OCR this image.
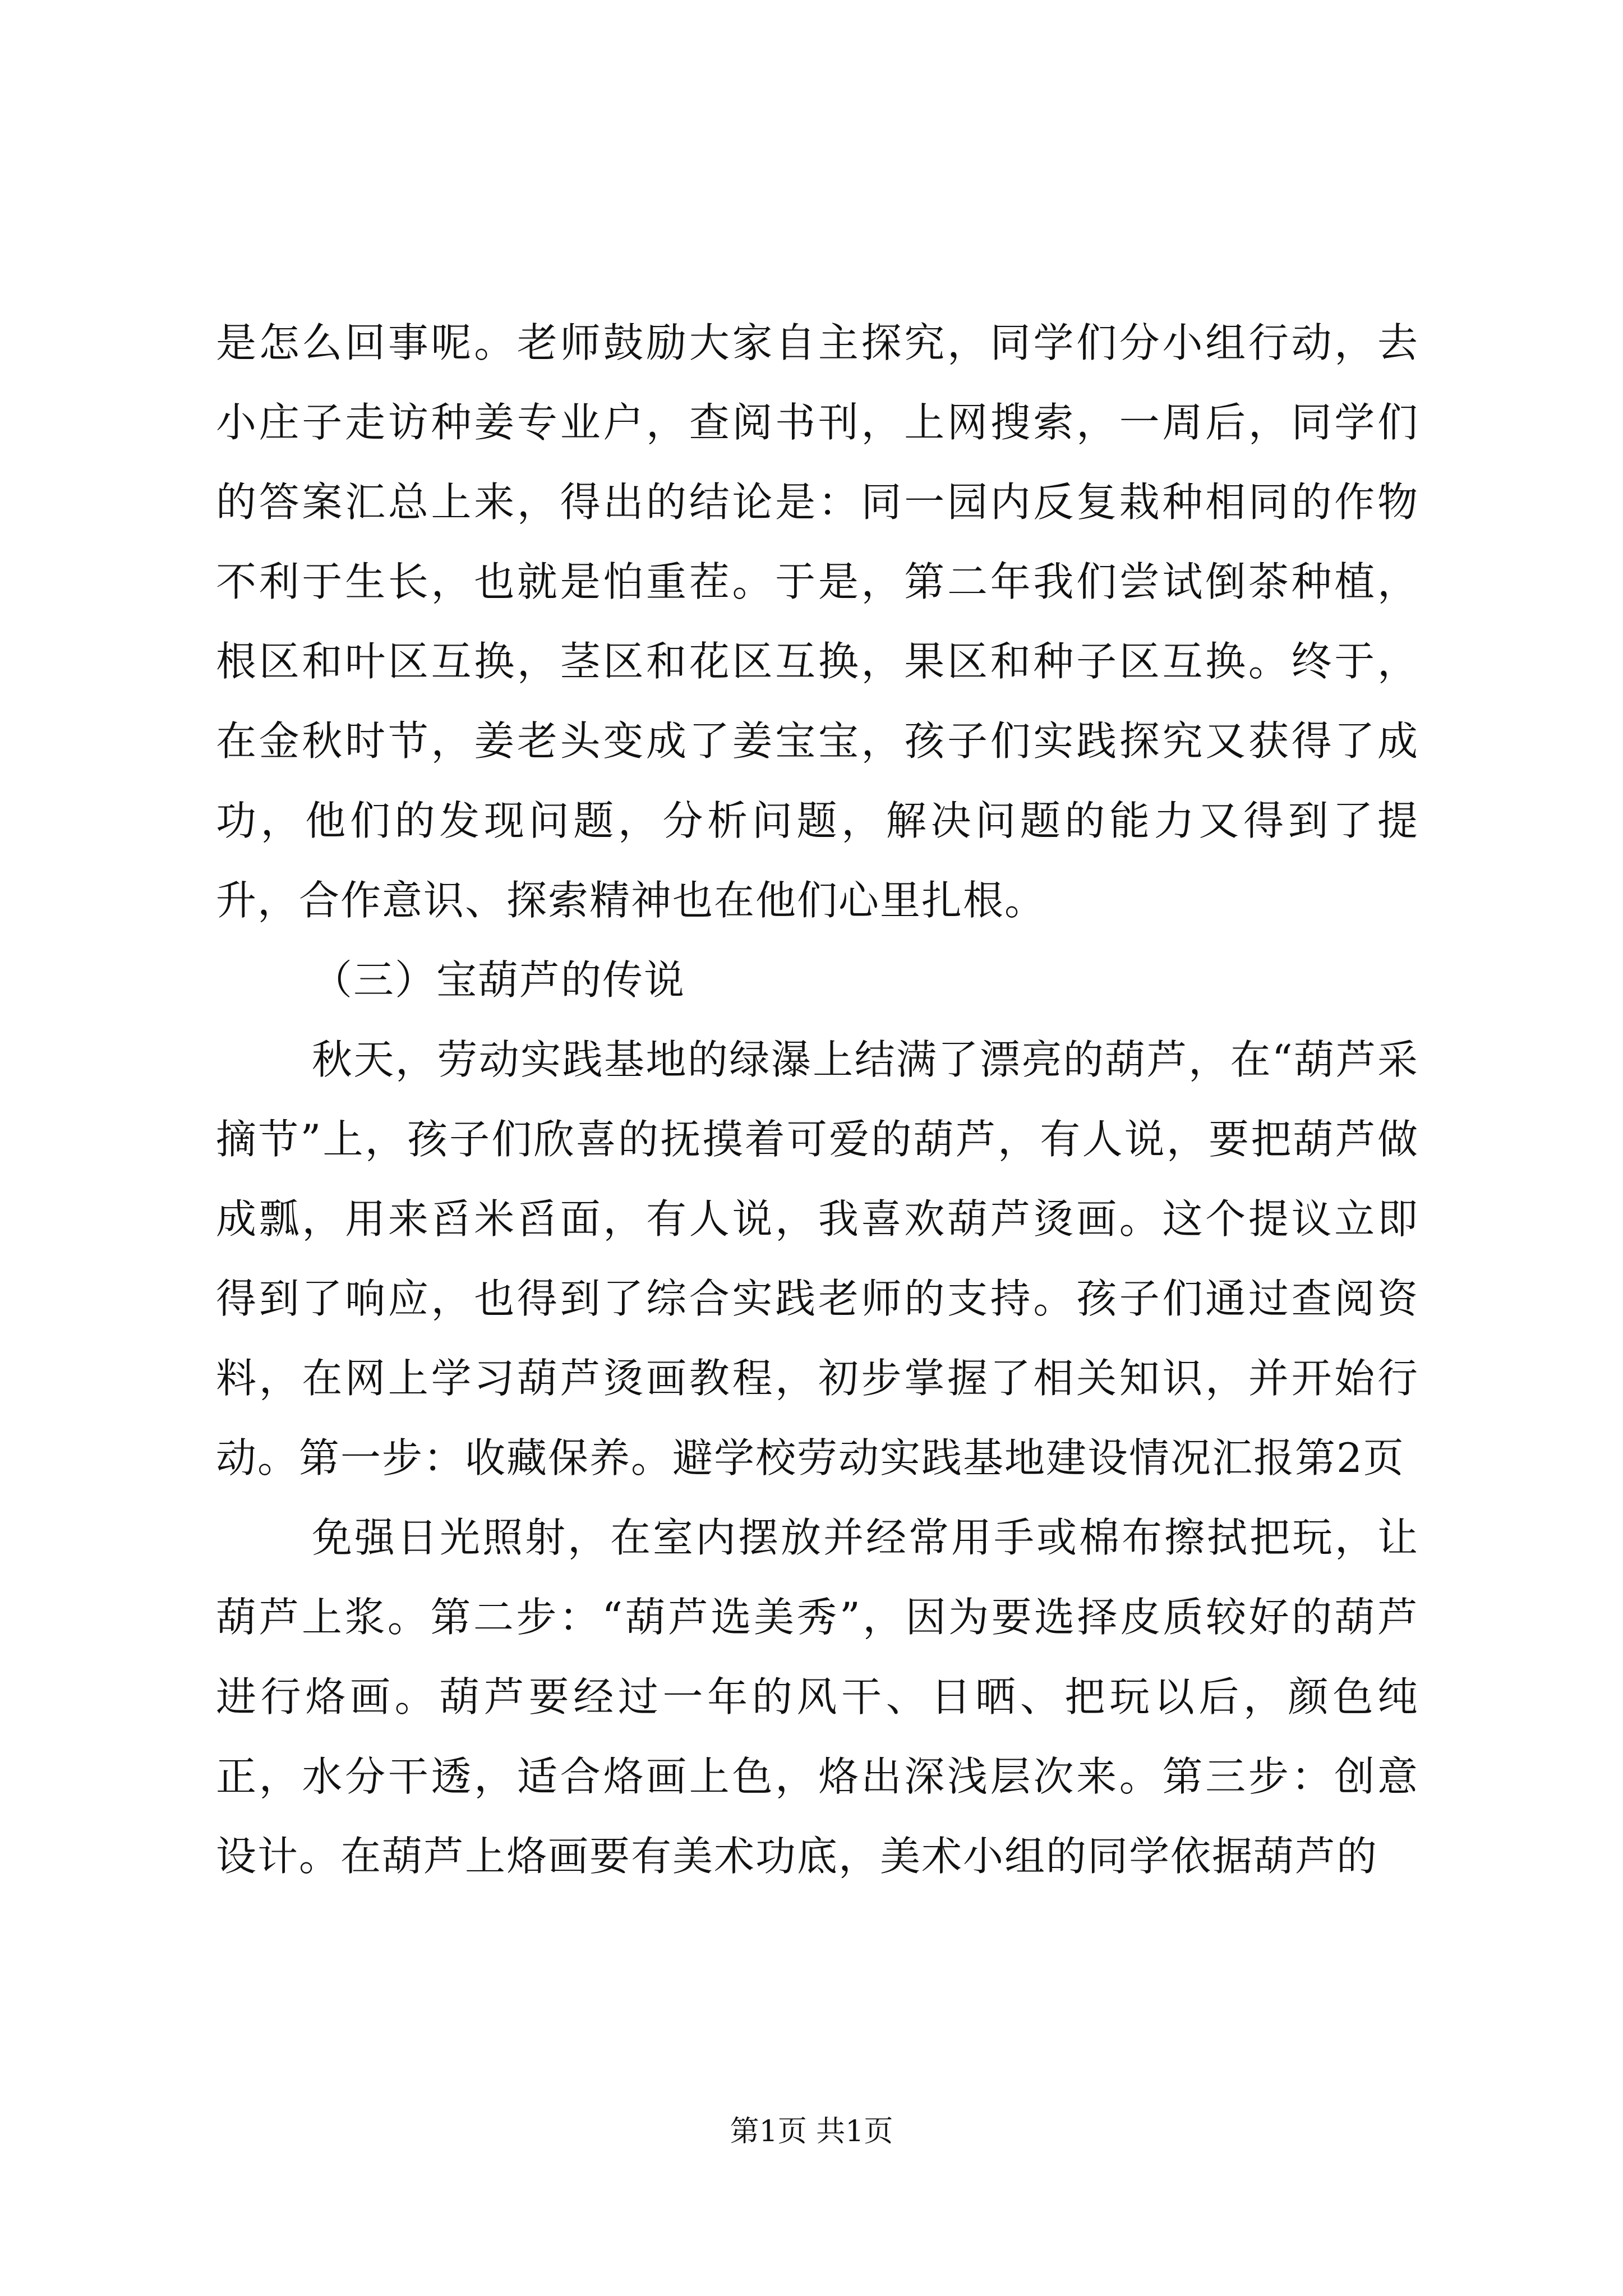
是怎么回事呢。老师鼓励大家自主探究，同学们分小组行动，去小庄子走访种姜专业户，查阅书刊，上网搜索，一周后，同学们的答案汇总上来，得出的结论是：同一园内反复栽种相同的作物不利于生长，也就是怕重茬。于是，第二年我们尝试倒茶种植，根区和叶区互换，茎区和花区互换，果区和种子区互换。终于，在金秋时节，姜老头变成了姜宝宝，孩子们实践探究又获得了成功，他们的发现问题，分析问题，解决问题的能力又得到了提升，合作意识、探索精神也在他们心里扎根。

（三）宝葫芦的传说

秋天，劳动实践基地的绿瀑上结满了漂亮的葫芦，在“葫芦采摘节”上，孩子们欣喜的抚摸着可爱的葫芦，有人说，要把葫芦做成瓢，用来舀米舀面，有人说，我喜欢葫芦烫画。这个提议立即得到了响应，也得到了综合实践老师的支持。孩子们通过查阅资料，在网上学习葫芦烫画教程，初步掌握了相关知识，并开始行动。第一步：收藏保养。避学校劳动实践基地建设情况汇报第2页

免强日光照射，在室内摆放并经常用手或棉布擦拭把玩，让葫芦上浆。第二步：“葫芦选美秀”，因为要选择皮质较好的葫芦进行烙画。葫芦要经过一年的风干、日晒、把玩以后，颜色纯正，水分干透，适合烙画上色，烙出深浅层次来。第三步：创意设计。在葫芦上烙画要有美术功底，美术小组的同学依据葫芦的

第1页 共1页
